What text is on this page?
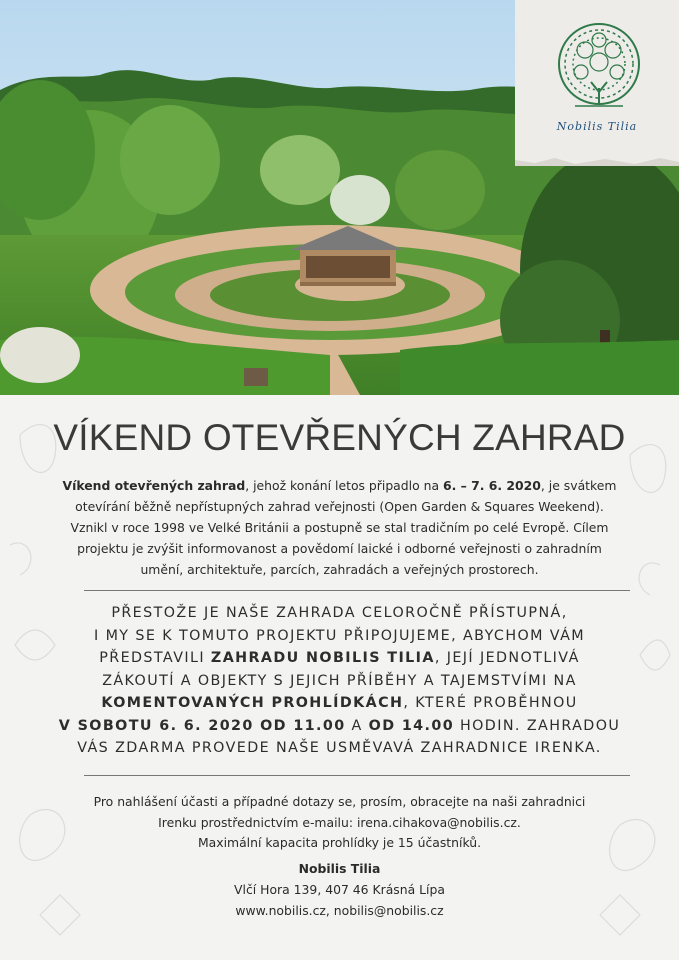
Nobilis Tilia
VÍKEND OTEVŘENÝCH ZAHRAD

Víkend otevřených zahrad, jehož konání letos připadlo na 6. – 7. 6. 2020, je svátkem
otevírání běžně nepřístupných zahrad veřejnosti (Open Garden & Squares Weekend).
Vznikl v roce 1998 ve Velké Británii a postupně se stal tradičním po celé Evropě. Cílem
projektu je zvýšit informovanost a povědomí laické i odborné veřejnosti o zahradním
umění, architektuře, parcích, zahradách a veřejných prostorech.

PŘESTOŽE JE NAŠE ZAHRADA CELOROČNĚ PŘÍSTUPNÁ,
I MY SE K TOMUTO PROJEKTU PŘIPOJUJEME, ABYCHOM VÁM
PŘEDSTAVILI ZAHRADU NOBILIS TILIA, JEJÍ JEDNOTLIVÁ
ZÁKOUTÍ A OBJEKTY S JEJICH PŘÍBĚHY A TAJEMSTVÍMI NA
KOMENTOVANÝCH PROHLÍDKÁCH, KTERÉ PROBĚHNOU
V SOBOTU 6. 6. 2020 OD 11.00 A OD 14.00 HODIN. ZAHRADOU
VÁS ZDARMA PROVEDE NAŠE USMĚVAVÁ ZAHRADNICE IRENKA.

Pro nahlášení účasti a případné dotazy se, prosím, obracejte na naši zahradnici
Irenku prostřednictvím e-mailu: irena.cihakova@nobilis.cz.
Maximální kapacita prohlídky je 15 účastníků.

Nobilis Tilia
Vlčí Hora 139, 407 46 Krásná Lípa
www.nobilis.cz, nobilis@nobilis.cz
